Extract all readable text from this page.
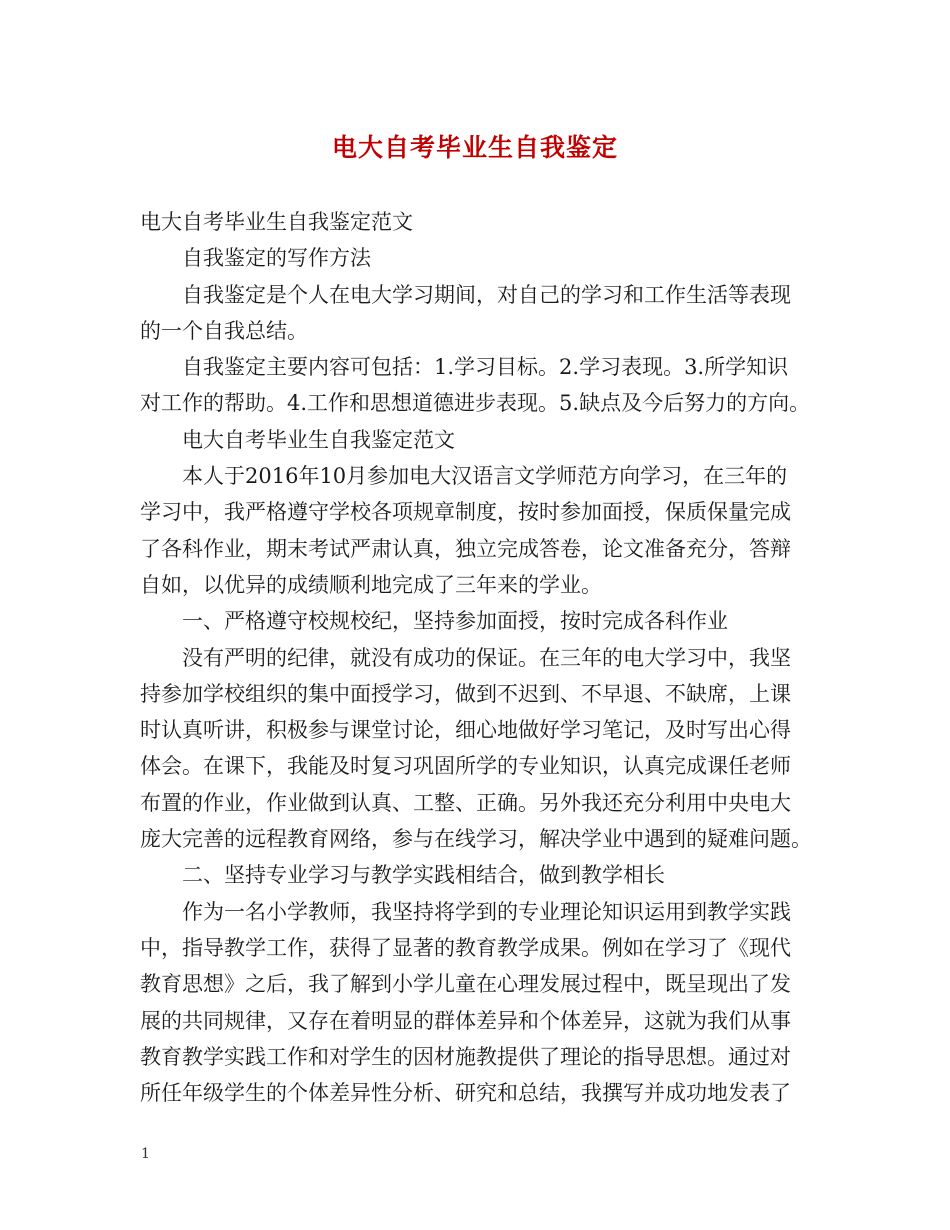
电大自考毕业生自我鉴定
电大自考毕业生自我鉴定范文
自我鉴定的写作方法
自我鉴定是个人在电大学习期间，对自己的学习和工作生活等表现
的一个自我总结。
自我鉴定主要内容可包括：1.学习目标。2.学习表现。3.所学知识
对工作的帮助。4.工作和思想道德进步表现。5.缺点及今后努力的方向。
电大自考毕业生自我鉴定范文
本人于2016年10月参加电大汉语言文学师范方向学习，在三年的
学习中，我严格遵守学校各项规章制度，按时参加面授，保质保量完成
了各科作业，期末考试严肃认真，独立完成答卷，论文准备充分，答辩
自如，以优异的成绩顺利地完成了三年来的学业。
一、严格遵守校规校纪，坚持参加面授，按时完成各科作业
没有严明的纪律，就没有成功的保证。在三年的电大学习中，我坚
持参加学校组织的集中面授学习，做到不迟到、不早退、不缺席，上课
时认真听讲，积极参与课堂讨论，细心地做好学习笔记，及时写出心得
体会。在课下，我能及时复习巩固所学的专业知识，认真完成课任老师
布置的作业，作业做到认真、工整、正确。另外我还充分利用中央电大
庞大完善的远程教育网络，参与在线学习，解决学业中遇到的疑难问题。
二、坚持专业学习与教学实践相结合，做到教学相长
作为一名小学教师，我坚持将学到的专业理论知识运用到教学实践
中，指导教学工作，获得了显著的教育教学成果。例如在学习了《现代
教育思想》之后，我了解到小学儿童在心理发展过程中，既呈现出了发
展的共同规律，又存在着明显的群体差异和个体差异，这就为我们从事
教育教学实践工作和对学生的因材施教提供了理论的指导思想。通过对
所任年级学生的个体差异性分析、研究和总结，我撰写并成功地发表了
1
